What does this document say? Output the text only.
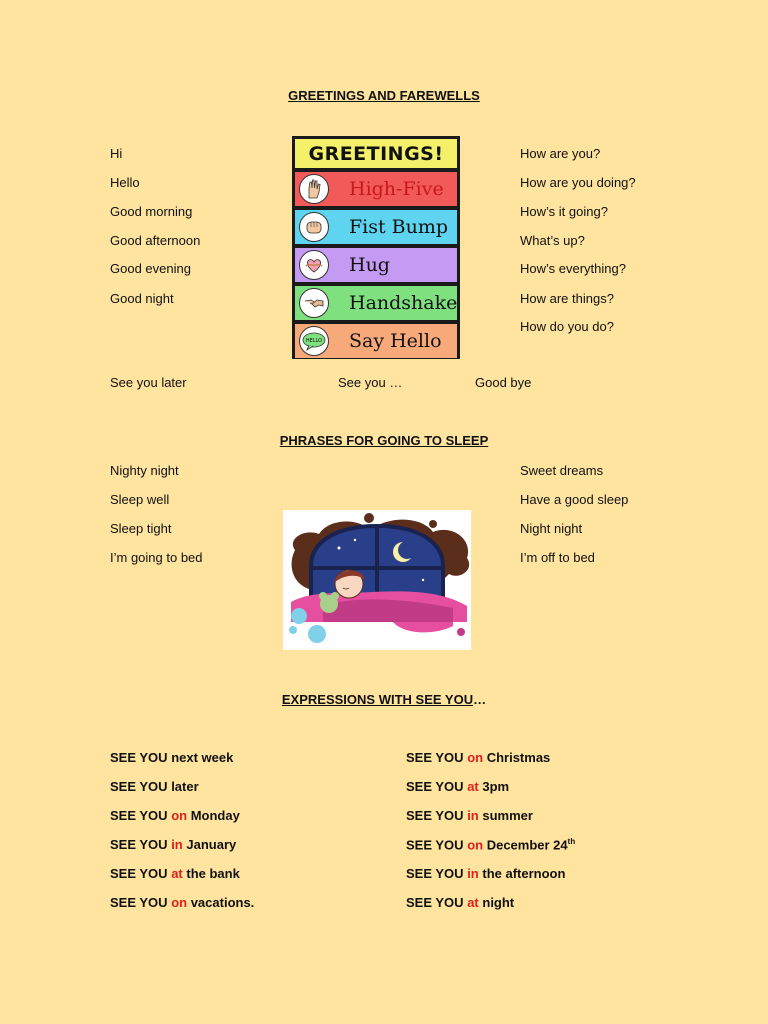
GREETINGS AND FAREWELLS
Hi
Hello
Good morning
Good afternoon
Good evening
Good night
How are you?
How are you doing?
How’s it going?
What’s up?
How’s everything?
How are things?
How do you do?
GREETINGS!
High-Five
Fist Bump
Hug
Handshake
HELLO Say Hello
See you later	See you …	Good bye
PHRASES FOR GOING TO SLEEP
Nighty night
Sleep well
Sleep tight
I’m going to bed
Sweet dreams
Have a good sleep
Night night
I’m off to bed
EXPRESSIONS WITH SEE YOU…
SEE YOU next week
SEE YOU later
SEE YOU on Monday
SEE YOU in January
SEE YOU at the bank
SEE YOU on vacations.
SEE YOU on Christmas
SEE YOU at 3pm
SEE YOU in summer
SEE YOU on December 24th
SEE YOU in the afternoon
SEE YOU at night
